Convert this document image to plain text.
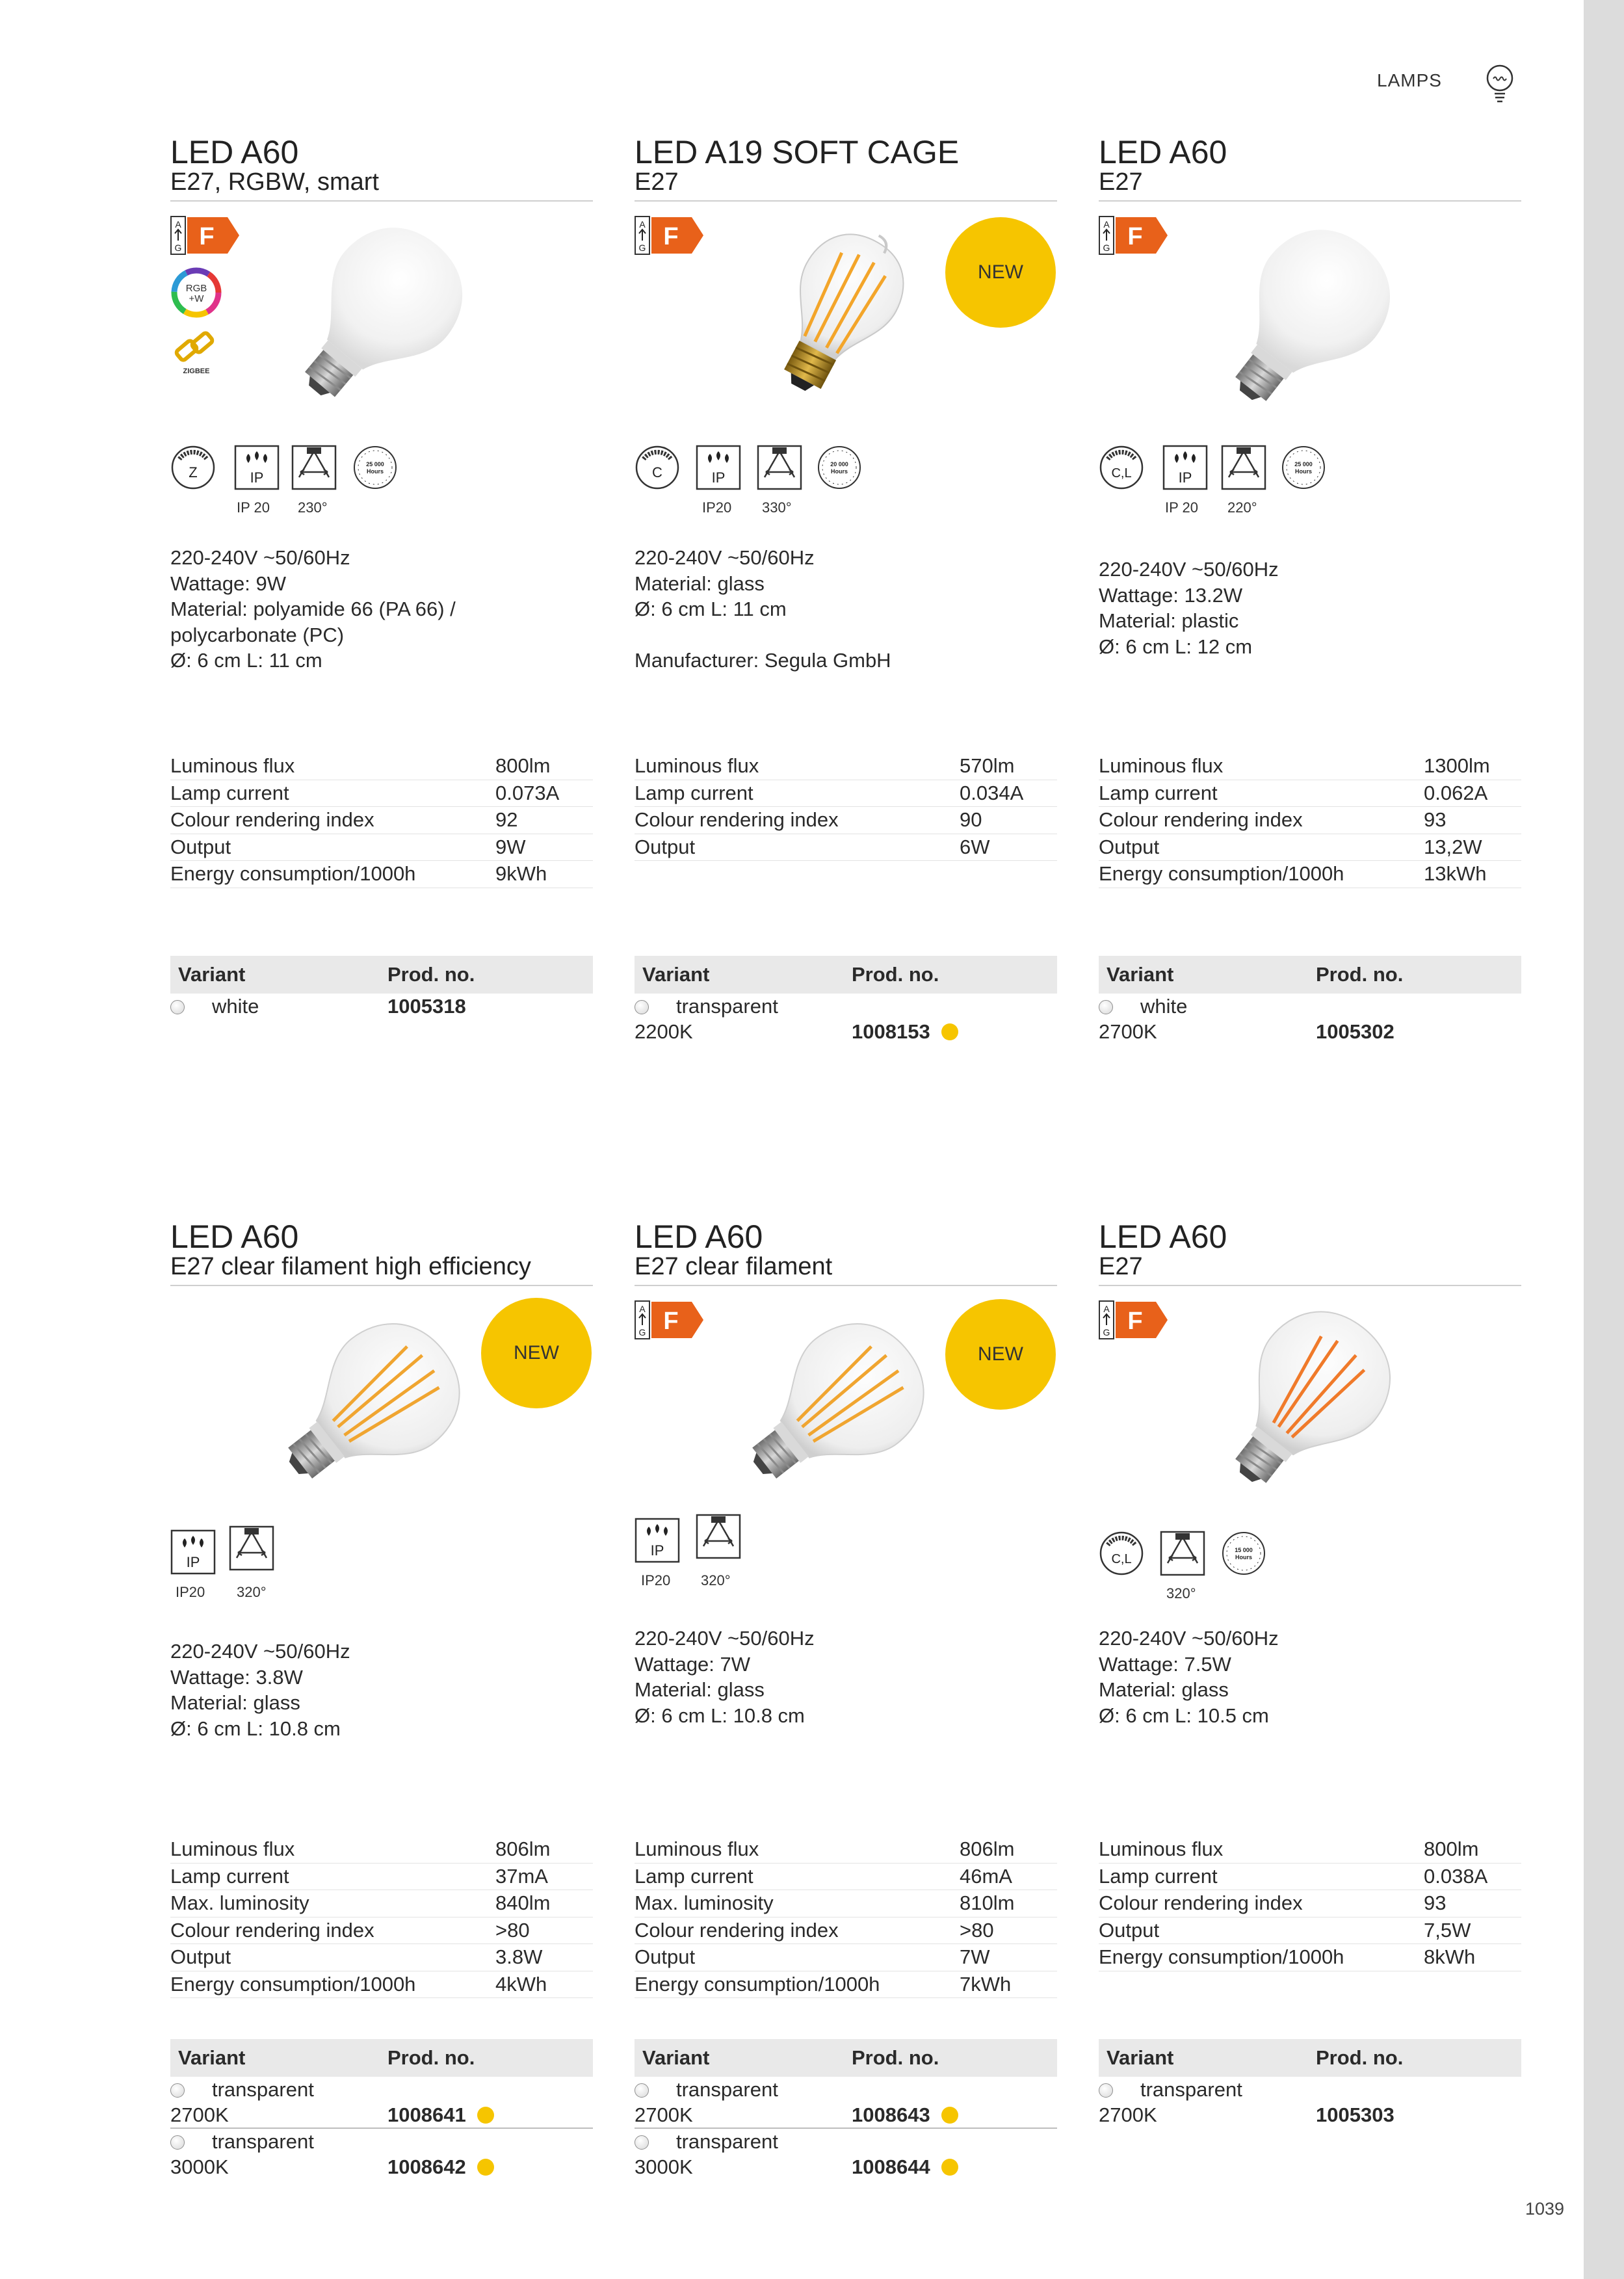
LAMPS
LED A60
E27, RGBW, smart
A
G F
RGB
+W
ZIGBEE
Z	IP
25 000
Hours
IP 20 230°
220-240V ~50/60Hz
Wattage: 9W
Material: polyamide 66 (PA 66) /
polycarbonate (PC)
Ø: 6 cm L: 11 cm
Luminous flux	800lm
Lamp current	0.073A
Colour rendering index	92
Output	9W
Energy consumption/1000h	9kWh
Variant	Prod. no.
white	1005318
LED A19 SOFT CAGE
E27
A
G F
NEW
C	IP
20 000
Hours
IP20 330°
220-240V ~50/60Hz
Material: glass
Ø: 6 cm L: 11 cm
Manufacturer: Segula GmbH
Luminous flux	570lm
Lamp current	0.034A
Colour rendering index	90
Output	6W
Variant	Prod. no.
transparent
2200K	1008153
LED A60
E27
A
G F
C,L	IP
25 000
Hours
IP 20 220°
220-240V ~50/60Hz
Wattage: 13.2W
Material: plastic
Ø: 6 cm L: 12 cm
Luminous flux	1300lm
Lamp current	0.062A
Colour rendering index	93
Output	13,2W
Energy consumption/1000h	13kWh
Variant	Prod. no.
white
2700K	1005302
LED A60
E27 clear filament high efficiency
NEW
IP
IP20 320°
220-240V ~50/60Hz
Wattage: 3.8W
Material: glass
Ø: 6 cm L: 10.8 cm
Luminous flux	806lm
Lamp current	37mA
Max. luminosity	840lm
Colour rendering index	>80
Output	3.8W
Energy consumption/1000h	4kWh
Variant	Prod. no.
transparent
2700K	1008641
transparent
3000K	1008642
LED A60
E27 clear filament
A
G F
NEW
IP
IP20 320°
220-240V ~50/60Hz
Wattage: 7W
Material: glass
Ø: 6 cm L: 10.8 cm
Luminous flux	806lm
Lamp current	46mA
Max. luminosity	810lm
Colour rendering index	>80
Output	7W
Energy consumption/1000h	7kWh
Variant	Prod. no.
transparent
2700K	1008643
transparent
3000K	1008644
LED A60
E27
A
G F
C,L
15 000
Hours
320°
220-240V ~50/60Hz
Wattage: 7.5W
Material: glass
Ø: 6 cm L: 10.5 cm
Luminous flux	800lm
Lamp current	0.038A
Colour rendering index	93
Output	7,5W
Energy consumption/1000h	8kWh
Variant	Prod. no.
transparent
2700K	1005303
1039
